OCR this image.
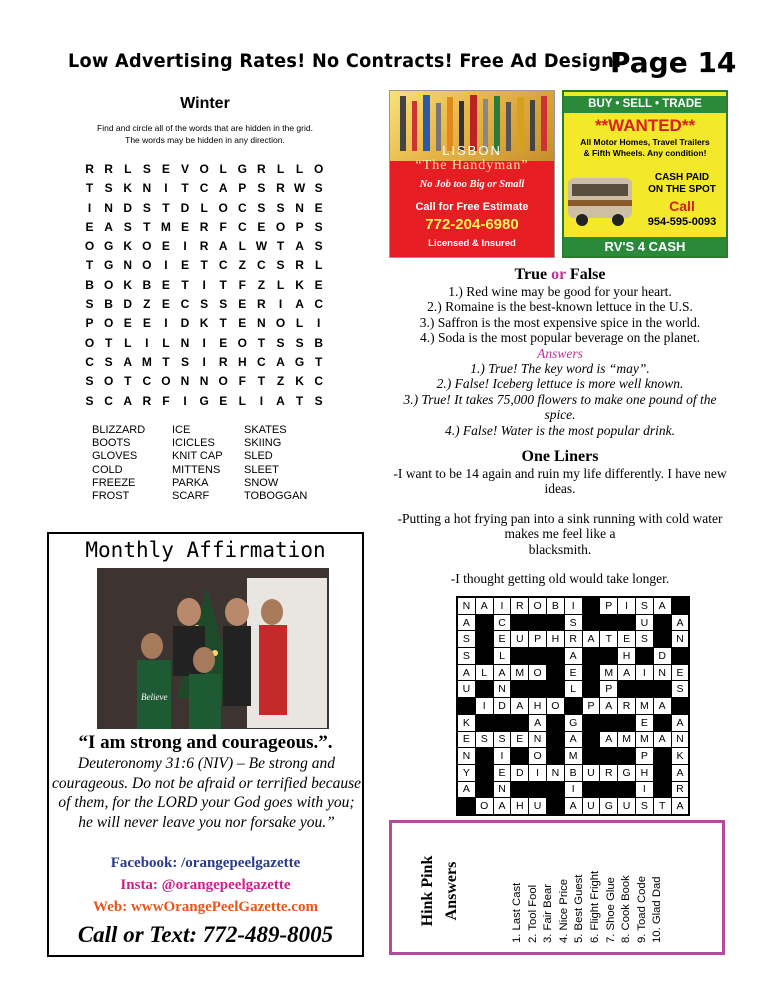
Low Advertising Rates! No Contracts! Free Ad Design!
Page 14
Winter
Find and circle all of the words that are hidden in the grid.
The words may be hidden in any direction.
R R L S E V O L G R L L O
T S K N	I	T C A P S R W S
I	N D S T D L O C S S N E
E A S T M E R F C E O P S
O G K O E	I	R A L W T A S
T G N O	I	E T C Z C S R L
B O K B E T	I	T F Z L K E
S B D Z E C S S E R	I	A C
P O E E	I	D K T E N O L	I
O T L	I	L N	I	E O T S S B
C S A M T S	I	R H C A G T
S O T C O N N O F T Z K C
S C A R F	I	G E L	I	A T S
BLIZZARD
BOOTS
GLOVES
COLD
FREEZE
FROST
ICE
ICICLES
KNIT CAP
MITTENS
PARKA
SCARF
SKATES
SKIING
SLED
SLEET
SNOW
TOBOGGAN
LISBON
“The Handyman”
No Job too Big or Small
Call for Free Estimate
772-204-6980
Licensed & Insured
BUY • SELL • TRADE
**WANTED**
All Motor Homes, Travel Trailers
& Fifth Wheels. Any condition!
CASH PAID
ON THE SPOT
Call
954-595-0093
RV'S 4 CASH
True or False
1.) Red wine may be good for your heart.
2.) Romaine is the best-known lettuce in the U.S.
3.) Saffron is the most expensive spice in the world.
4.) Soda is the most popular beverage on the planet.
Answers
1.) True! The key word is “may”.
2.) False! Iceberg lettuce is more well known.
3.) True! It takes 75,000 flowers to make one pound of the spice.
4.) False! Water is the most popular drink.
One Liners
-I want to be 14 again and ruin my life differently. I have new ideas.
-Putting a hot frying pan into a sink running with cold water makes me feel like a
blacksmith.
-I thought getting old would take longer.
N	A	I	R	O	B	I		P	I	S	A	
A		C				S				U		A
S		E	U	P	H	R	A	T	E	S		N
S		L				A			H		D	
A	L	A	M	O		E		M	A	I	N	E
U		N				L		P				S
	I	D	A	H	O		P	A	R	M	A	
K				A		G				E		A
E	S	S	E	N		A		A	M	M	A	N
N		I		O		M				P		K
Y		E	D	I	N	B	U	R	G	H		A
A		N				I				I		R
	O	A	H	U		A	U	G	U	S	T	A
Monthly Affirmation
Believe
“I am strong and courageous.”.
Deuteronomy 31:6 (NIV) – Be strong and courageous. Do not be afraid or terrified because of them, for the LORD your God goes with you; he will never leave you nor forsake you.”
Facebook: /orangepeelgazette
Insta: @orangepeelgazette
Web: wwwOrangePeelGazette.com
Call or Text: 772-489-8005
Hink Pink Answers	1. Last Cast 2. Tool Fool 3. Fair Bear 4. Nice Price 5. Best Guest 6. Flight Fright 7. Shoe Glue 8. Cook Book 9. Toad Code 10. Glad Dad
